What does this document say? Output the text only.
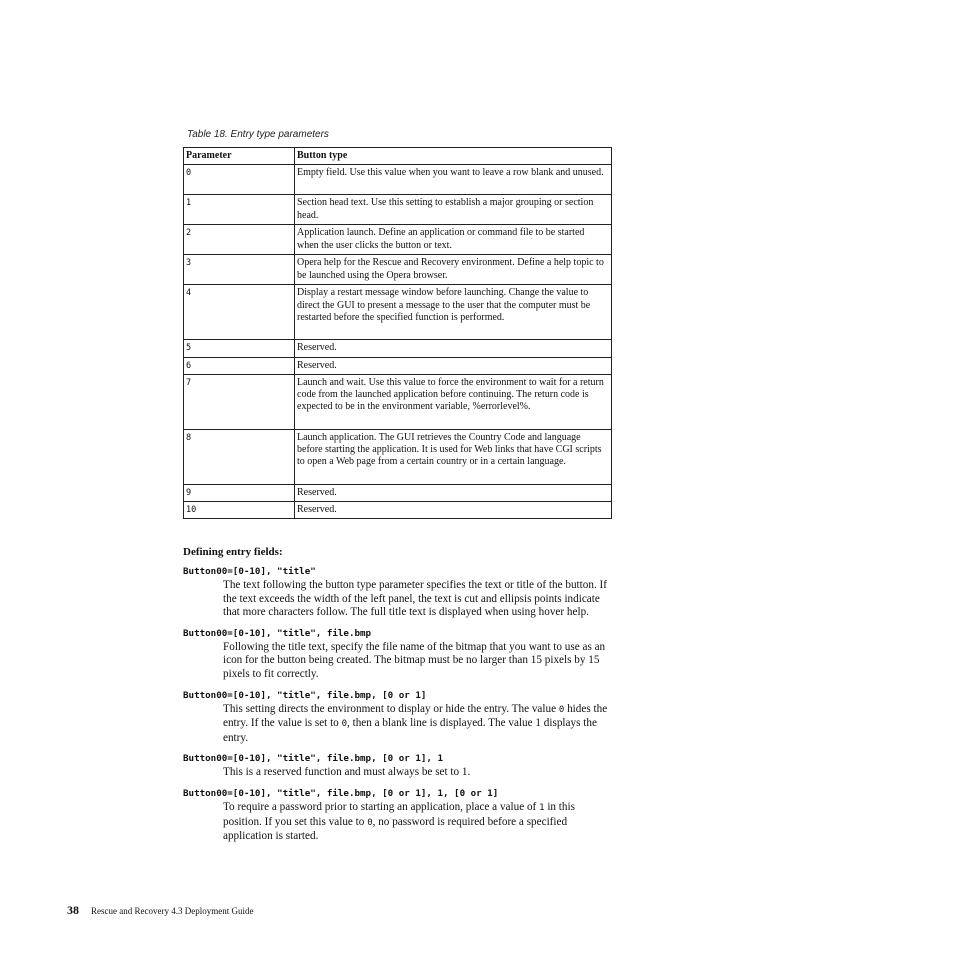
Table 18. Entry type parameters
Parameter	Button type
0	Empty field. Use this value when you want to leave a row blank and unused.
1	Section head text. Use this setting to establish a major grouping or section head.
2	Application launch. Define an application or command file to be started when the user clicks the button or text.
3	Opera help for the Rescue and Recovery environment. Define a help topic to be launched using the Opera browser.
4	Display a restart message window before launching. Change the value to direct the GUI to present a message to the user that the computer must be restarted before the specified function is performed.
5	Reserved.
6	Reserved.
7	Launch and wait. Use this value to force the environment to wait for a return code from the launched application before continuing. The return code is expected to be in the environment variable, %errorlevel%.
8	Launch application. The GUI retrieves the Country Code and language before starting the application. It is used for Web links that have CGI scripts to open a Web page from a certain country or in a certain language.
9	Reserved.
10	Reserved.
Defining entry fields:

Button00=[0-10], "title"

The text following the button type parameter specifies the text or title of the button. If the text exceeds the width of the left panel, the text is cut and ellipsis points indicate that more characters follow. The full title text is displayed when using hover help.

Button00=[0-10], "title", file.bmp

Following the title text, specify the file name of the bitmap that you want to use as an icon for the button being created. The bitmap must be no larger than 15 pixels by 15 pixels to fit correctly.

Button00=[0-10], "title", file.bmp, [0 or 1]

This setting directs the environment to display or hide the entry. The value 0 hides the entry. If the value is set to 0, then a blank line is displayed. The value 1 displays the entry.

Button00=[0-10], "title", file.bmp, [0 or 1], 1

This is a reserved function and must always be set to 1.

Button00=[0-10], "title", file.bmp, [0 or 1], 1, [0 or 1]

To require a password prior to starting an application, place a value of 1 in this position. If you set this value to 0, no password is required before a specified application is started.

38 Rescue and Recovery 4.3 Deployment Guide
